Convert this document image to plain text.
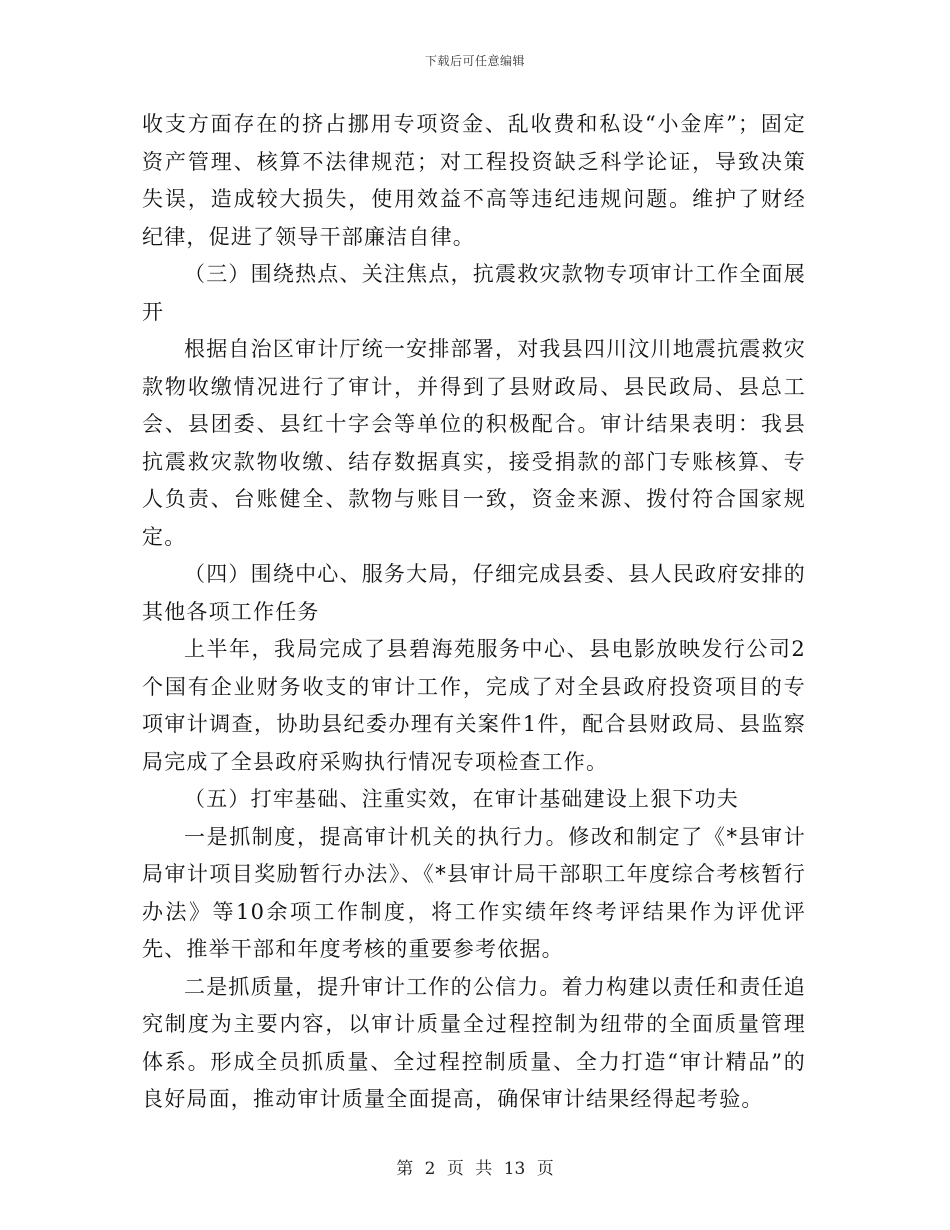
下载后可任意编辑

收支方面存在的挤占挪用专项资金、乱收费和私设“小金库”；固定资产管理、核算不法律规范；对工程投资缺乏科学论证，导致决策失误，造成较大损失，使用效益不高等违纪违规问题。维护了财经纪律，促进了领导干部廉洁自律。

（三）围绕热点、关注焦点，抗震救灾款物专项审计工作全面展开

根据自治区审计厅统一安排部署，对我县四川汶川地震抗震救灾款物收缴情况进行了审计，并得到了县财政局、县民政局、县总工会、县团委、县红十字会等单位的积极配合。审计结果表明：我县抗震救灾款物收缴、结存数据真实，接受捐款的部门专账核算、专人负责、台账健全、款物与账目一致，资金来源、拨付符合国家规定。

（四）围绕中心、服务大局，仔细完成县委、县人民政府安排的其他各项工作任务

上半年，我局完成了县碧海苑服务中心、县电影放映发行公司2个国有企业财务收支的审计工作，完成了对全县政府投资项目的专项审计调查，协助县纪委办理有关案件1件，配合县财政局、县监察局完成了全县政府采购执行情况专项检查工作。

（五）打牢基础、注重实效，在审计基础建设上狠下功夫

一是抓制度，提高审计机关的执行力。修改和制定了《*县审计局审计项目奖励暂行办法》、《*县审计局干部职工年度综合考核暂行办法》等10余项工作制度，将工作实绩年终考评结果作为评优评先、推举干部和年度考核的重要参考依据。

二是抓质量，提升审计工作的公信力。着力构建以责任和责任追究制度为主要内容，以审计质量全过程控制为纽带的全面质量管理体系。形成全员抓质量、全过程控制质量、全力打造“审计精品”的良好局面，推动审计质量全面提高，确保审计结果经得起考验。

第 2 页 共 13 页
